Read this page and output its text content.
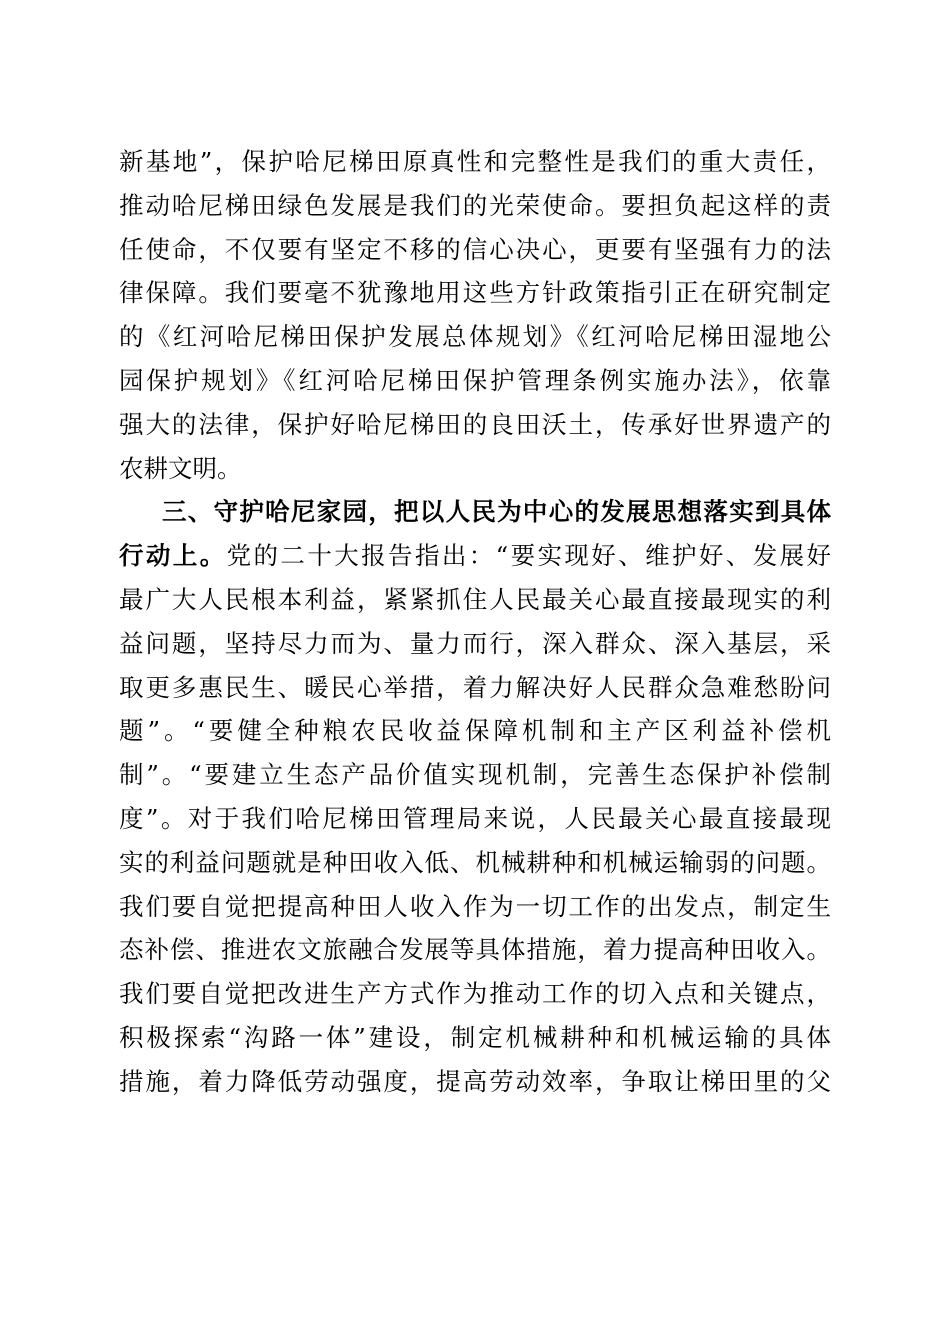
新基地”，保护哈尼梯田原真性和完整性是我们的重大责任，
推动哈尼梯田绿色发展是我们的光荣使命。要担负起这样的责
任使命，不仅要有坚定不移的信心决心，更要有坚强有力的法
律保障。我们要毫不犹豫地用这些方针政策指引正在研究制定
的《红河哈尼梯田保护发展总体规划》《红河哈尼梯田湿地公
园保护规划》《红河哈尼梯田保护管理条例实施办法》，依靠
强大的法律，保护好哈尼梯田的良田沃土，传承好世界遗产的
农耕文明。
三、守护哈尼家园，把以人民为中心的发展思想落实到具体
行动上。党的二十大报告指出：“要实现好、维护好、发展好
最广大人民根本利益，紧紧抓住人民最关心最直接最现实的利
益问题，坚持尽力而为、量力而行，深入群众、深入基层，采
取更多惠民生、暖民心举措，着力解决好人民群众急难愁盼问
题”。“要健全种粮农民收益保障机制和主产区利益补偿机
制”。“要建立生态产品价值实现机制，完善生态保护补偿制
度”。对于我们哈尼梯田管理局来说，人民最关心最直接最现
实的利益问题就是种田收入低、机械耕种和机械运输弱的问题。
我们要自觉把提高种田人收入作为一切工作的出发点，制定生
态补偿、推进农文旅融合发展等具体措施，着力提高种田收入。
我们要自觉把改进生产方式作为推动工作的切入点和关键点，
积极探索“沟路一体”建设，制定机械耕种和机械运输的具体
措施，着力降低劳动强度，提高劳动效率，争取让梯田里的父
